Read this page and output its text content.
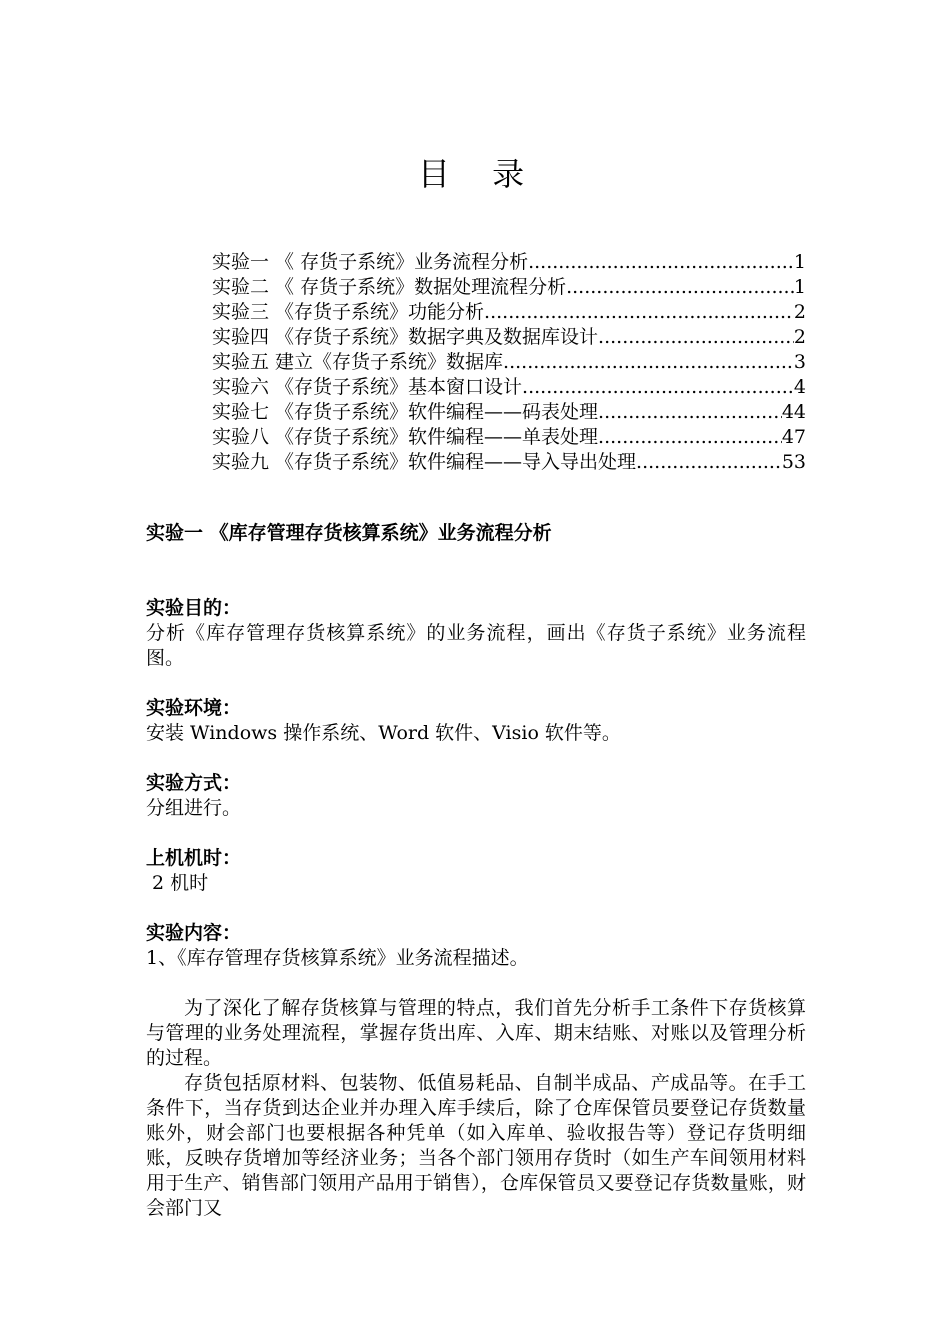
目 录
实验一 《 存货子系统》业务流程分析 .....	1
实验二 《 存货子系统》数据处理流程分析 .....	1
实验三 《存货子系统》功能分析 .....	2
实验四 《存货子系统》数据字典及数据库设计 .....	2
实验五 建立《存货子系统》数据库 .....	3
实验六 《存货子系统》基本窗口设计 .....	4
实验七 《存货子系统》软件编程——码表处理 .....	44
实验八 《存货子系统》软件编程——单表处理 .....	47
实验九 《存货子系统》软件编程——导入导出处理 .....	53
实验一 《库存管理存货核算系统》业务流程分析
实验目的：

分析《库存管理存货核算系统》的业务流程，画出《存货子系统》业务流程图。

实验环境：

安装 Windows 操作系统、Word 软件、Visio 软件等。

实验方式：

分组进行。

上机机时：

2 机时

实验内容：

1、《库存管理存货核算系统》业务流程描述。

为了深化了解存货核算与管理的特点，我们首先分析手工条件下存货核算与管理的业务处理流程，掌握存货出库、入库、期末结账、对账以及管理分析的过程。

存货包括原材料、包装物、低值易耗品、自制半成品、产成品等。在手工条件下，当存货到达企业并办理入库手续后，除了仓库保管员要登记存货数量账外，财会部门也要根据各种凭单（如入库单、验收报告等）登记存货明细账，反映存货增加等经济业务；当各个部门领用存货时（如生产车间领用材料用于生产、销售部门领用产品用于销售），仓库保管员又要登记存货数量账，财会部门又
